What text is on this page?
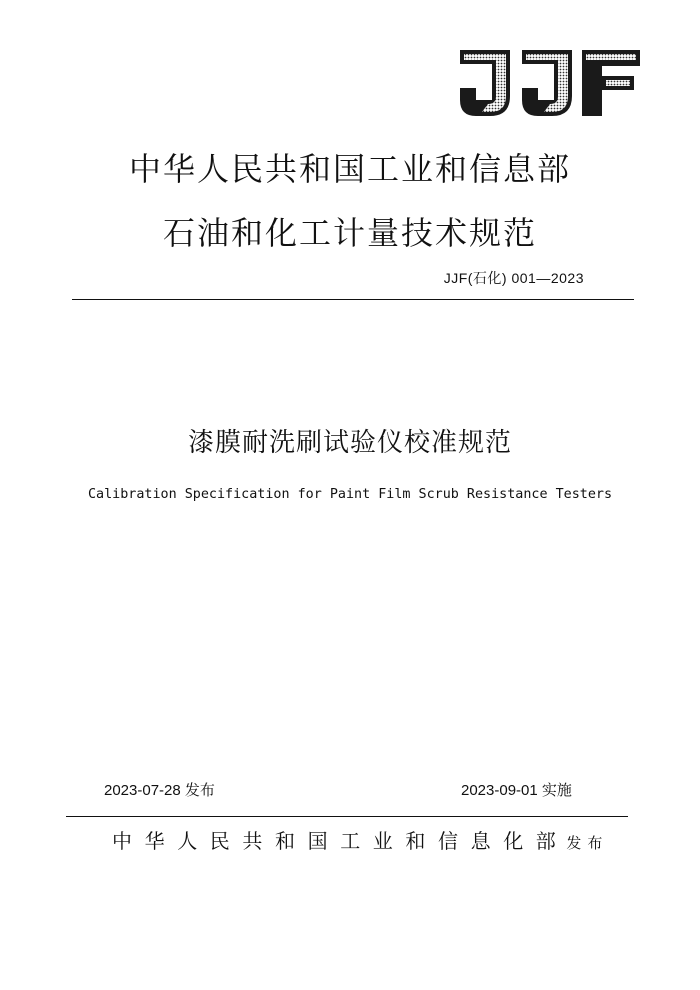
中华人民共和国工业和信息部
石油和化工计量技术规范
JJF(石化) 001—2023
漆膜耐洗刷试验仪校准规范
Calibration Specification for Paint Film Scrub Resistance Testers
2023-07-28 发布	2023-09-01 实施
中华人民共和国工业和信息化部发布
